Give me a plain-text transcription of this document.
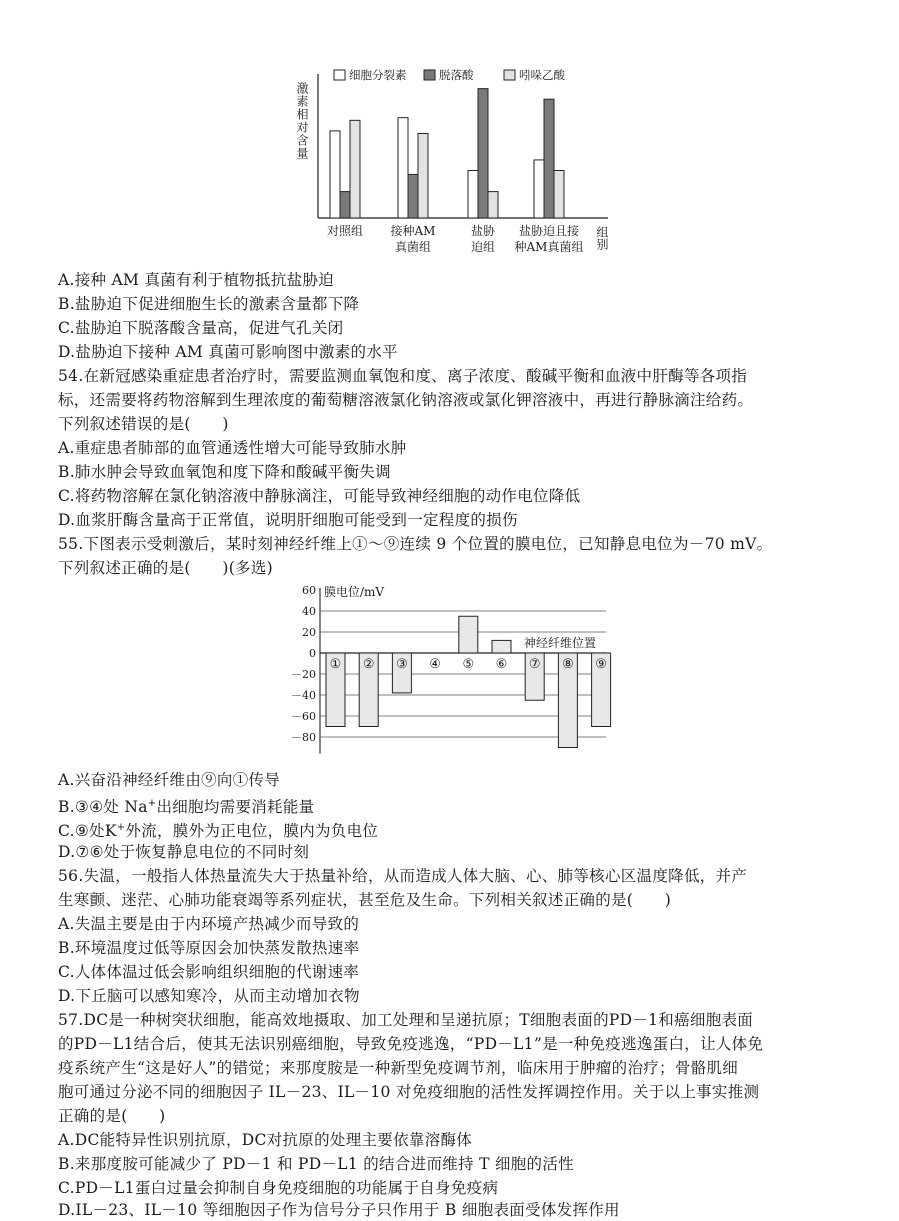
细胞分裂素	脱落酸	吲哚乙酸
激素相对含量
组别
对照组 接种AM
真菌组
盐胁
迫组
盐胁迫且接
种AM真菌组
A.接种 AM 真菌有利于植物抵抗盐胁迫
B.盐胁迫下促进细胞生长的激素含量都下降
C.盐胁迫下脱落酸含量高，促进气孔关闭
D.盐胁迫下接种 AM 真菌可影响图中激素的水平
54.在新冠感染重症患者治疗时，需要监测血氧饱和度、离子浓度、酸碱平衡和血液中肝酶等各项指
标，还需要将药物溶解到生理浓度的葡萄糖溶液氯化钠溶液或氯化钾溶液中，再进行静脉滴注给药。
下列叙述错误的是(　　)
A.重症患者肺部的血管通透性增大可能导致肺水肿
B.肺水肿会导致血氧饱和度下降和酸碱平衡失调
C.将药物溶解在氯化钠溶液中静脉滴注，可能导致神经细胞的动作电位降低
D.血浆肝酶含量高于正常值，说明肝细胞可能受到一定程度的损伤
55.下图表示受刺激后，某时刻神经纤维上①～⑨连续 9 个位置的膜电位，已知静息电位为－70 mV。
下列叙述正确的是(　　)(多选)
60
40
20
0
－20
－40
－60
－80
膜电位/mV
神经纤维位置
① ② ③ ④ ⑤ ⑥ ⑦ ⑧ ⑨
A.兴奋沿神经纤维由⑨向①传导
B.③④处 Na+出细胞均需要消耗能量
C.⑨处K+外流，膜外为正电位，膜内为负电位
D.⑦⑥处于恢复静息电位的不同时刻
56.失温，一般指人体热量流失大于热量补给，从而造成人体大脑、心、肺等核心区温度降低，并产
生寒颤、迷茫、心肺功能衰竭等系列症状，甚至危及生命。下列相关叙述正确的是(　　)
A.失温主要是由于内环境产热减少而导致的
B.环境温度过低等原因会加快蒸发散热速率
C.人体体温过低会影响组织细胞的代谢速率
D.下丘脑可以感知寒冷，从而主动增加衣物
57.DC是一种树突状细胞，能高效地摄取、加工处理和呈递抗原；T细胞表面的PD－1和癌细胞表面
的PD－L1结合后，使其无法识别癌细胞，导致免疫逃逸，“PD－L1”是一种免疫逃逸蛋白，让人体免
疫系统产生“这是好人”的错觉；来那度胺是一种新型免疫调节剂，临床用于肿瘤的治疗；骨骼肌细
胞可通过分泌不同的细胞因子 IL－23、IL－10 对免疫细胞的活性发挥调控作用。关于以上事实推测
正确的是(　　)
A.DC能特异性识别抗原，DC对抗原的处理主要依靠溶酶体
B.来那度胺可能减少了 PD－1 和 PD－L1 的结合进而维持 T 细胞的活性
C.PD－L1蛋白过量会抑制自身免疫细胞的功能属于自身免疫病
D.IL－23、IL－10 等细胞因子作为信号分子只作用于 B 细胞表面受体发挥作用
